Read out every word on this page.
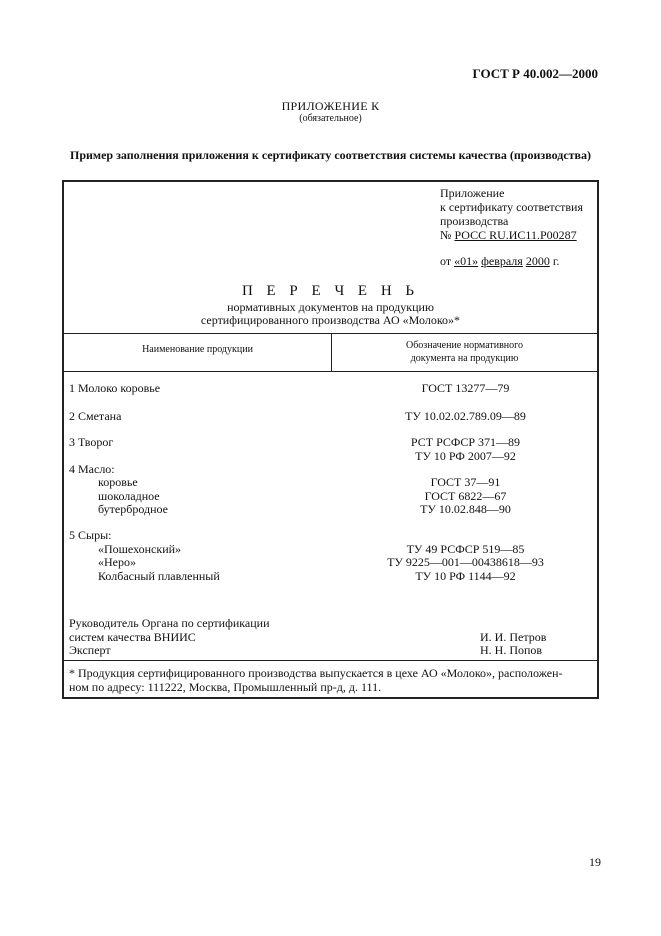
ГОСТ Р 40.002—2000
ПРИЛОЖЕНИЕ К
(обязательное)
Пример заполнения приложения к сертификату соответствия системы качества (производства)
Приложение
к сертификату соответствия
производства
№ РОСС RU.ИС11.Р00287
от «01» февраля 2000 г.
П Е Р Е Ч Е Н Ь
нормативных документов на продукцию
сертифицированного производства АО «Молоко»*
Наименование продукции	Обозначение нормативного
документа на продукцию
1 Молоко коровье	ГОСТ 13277—79
2 Сметана	ТУ 10.02.02.789.09—89
3 Творог	РСТ РСФСР 371—89
ТУ 10 РФ 2007—92
4 Масло:
коровье	ГОСТ 37—91
шоколадное	ГОСТ 6822—67
бутербродное	ТУ 10.02.848—90
5 Сыры:
«Пошехонский»	ТУ 49 РСФСР 519—85
«Неро»	ТУ 9225—001—00438618—93
Колбасный плавленный	ТУ 10 РФ 1144—92
Руководитель Органа по сертификации
систем качества ВНИИС	И. И. Петров
Эксперт	Н. Н. Попов
* Продукция сертифицированного производства выпускается в цехе АО «Молоко», расположен-
ном по адресу: 111222, Москва, Промышленный пр-д, д. 111.
19
